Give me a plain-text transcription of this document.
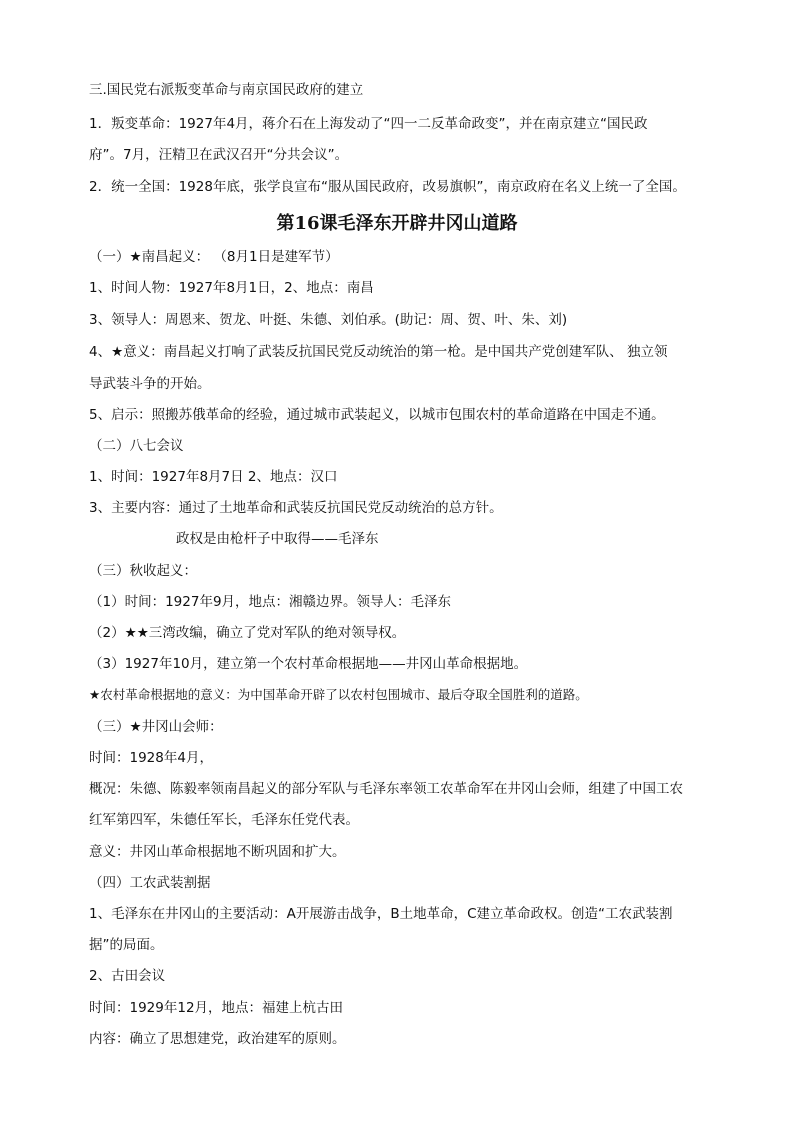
三.国民党右派叛变革命与南京国民政府的建立

1．叛变革命：1927年4月，蒋介石在上海发动了“四一二反革命政变”，并在南京建立“国民政

府”。7月，汪精卫在武汉召开“分共会议”。

2．统一全国：1928年底，张学良宣布“服从国民政府，改易旗帜”，南京政府在名义上统一了全国。

第16课毛泽东开辟井冈山道路

（一）★南昌起义： （8月1日是建军节）

1、时间人物：1927年8月1日，2、地点：南昌

3、领导人：周恩来、贺龙、叶挺、朱德、刘伯承。(助记：周、贺、叶、朱、刘)

4、★意义：南昌起义打响了武装反抗国民党反动统治的第一枪。是中国共产党创建军队、 独立领

导武装斗争的开始。

5、启示：照搬苏俄革命的经验，通过城市武装起义，以城市包围农村的革命道路在中国走不通。

（二）八七会议

1、时间：1927年8月7日 2、地点：汉口

3、主要内容：通过了土地革命和武装反抗国民党反动统治的总方针。

政权是由枪杆子中取得——毛泽东

（三）秋收起义：

（1）时间：1927年9月，地点：湘赣边界。领导人：毛泽东

（2）★★三湾改编，确立了党对军队的绝对领导权。

（3）1927年10月，建立第一个农村革命根据地——井冈山革命根据地。

★农村革命根据地的意义：为中国革命开辟了以农村包围城市、最后夺取全国胜利的道路。

（三）★井冈山会师：

时间：1928年4月，

概况：朱德、陈毅率领南昌起义的部分军队与毛泽东率领工农革命军在井冈山会师，组建了中国工农

红军第四军，朱德任军长，毛泽东任党代表。

意义：井冈山革命根据地不断巩固和扩大。

（四）工农武装割据

1、毛泽东在井冈山的主要活动：A开展游击战争，B土地革命，C建立革命政权。创造“工农武装割

据”的局面。

2、古田会议

时间：1929年12月，地点：福建上杭古田

内容：确立了思想建党，政治建军的原则。
